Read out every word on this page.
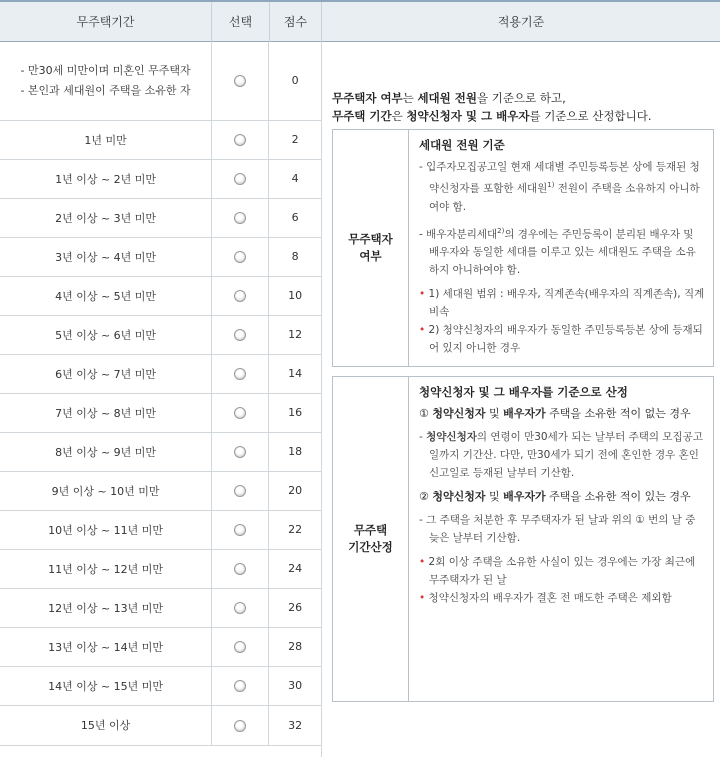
무주택기간	선택	점수	적용기준
- 만30세 미만이며 미혼인 무주택자
- 본인과 세대원이 주택을 소유한 자		0
1년 미만		2
1년 이상 ~ 2년 미만		4
2년 이상 ~ 3년 미만		6
3년 이상 ~ 4년 미만		8
4년 이상 ~ 5년 미만		10
5년 이상 ~ 6년 미만		12
6년 이상 ~ 7년 미만		14
7년 이상 ~ 8년 미만		16
8년 이상 ~ 9년 미만		18
9년 이상 ~ 10년 미만		20
10년 이상 ~ 11년 미만		22
11년 이상 ~ 12년 미만		24
12년 이상 ~ 13년 미만		26
13년 이상 ~ 14년 미만		28
14년 이상 ~ 15년 미만		30
15년 이상		32
무주택자 여부는 세대원 전원을 기준으로 하고,
무주택 기간은 청약신청자 및 그 배우자를 기준으로 산정합니다.
무주택자
여부
세대원 전원 기준
- 입주자모집공고일 현재 세대별 주민등록등본 상에 등재된 청약신청자를 포함한 세대원$^{1)}$ 전원이 주택을 소유하지 아니하여야 함.
- 배우자분리세대$^{2)}$의 경우에는 주민등록이 분리된 배우자 및 배우자와 동일한 세대를 이루고 있는 세대원도 주택을 소유하지 아니하여야 함.
• 1) 세대원 범위 : 배우자, 직계존속(배우자의 직계존속), 직계비속
• 2) 청약신청자의 배우자가 동일한 주민등록등본 상에 등재되어 있지 아니한 경우
무주택
기간산정
청약신청자 및 그 배우자를 기준으로 산정
① 청약신청자 및 배우자가 주택을 소유한 적이 없는 경우
- 청약신청자의 연령이 만30세가 되는 날부터 주택의 모집공고일까지 기간산. 다만, 만30세가 되기 전에 혼인한 경우 혼인신고일로 등재된 날부터 기산함.
② 청약신청자 및 배우자가 주택을 소유한 적이 있는 경우
- 그 주택을 처분한 후 무주택자가 된 날과 위의 ① 번의 날 중 늦은 날부터 기산함.
• 2회 이상 주택을 소유한 사실이 있는 경우에는 가장 최근에 무주택자가 된 날
• 청약신청자의 배우자가 결혼 전 매도한 주택은 제외함
